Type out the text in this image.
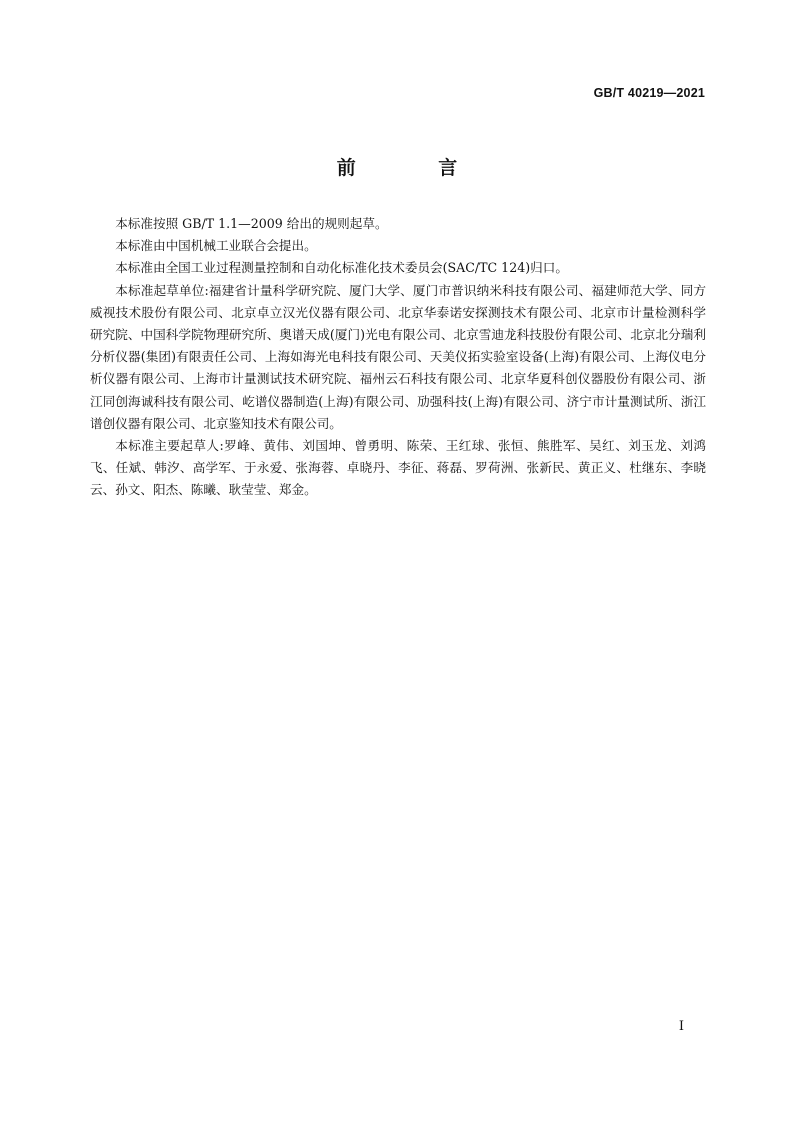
GB/T 40219—2021
前 言

本标准按照 GB/T 1.1—2009 给出的规则起草。

本标准由中国机械工业联合会提出。

本标准由全国工业过程测量控制和自动化标准化技术委员会(SAC/TC 124)归口。

本标准起草单位:福建省计量科学研究院、厦门大学、厦门市普识纳米科技有限公司、福建师范大学、同方威视技术股份有限公司、北京卓立汉光仪器有限公司、北京华泰诺安探测技术有限公司、北京市计量检测科学研究院、中国科学院物理研究所、奥谱天成(厦门)光电有限公司、北京雪迪龙科技股份有限公司、北京北分瑞利分析仪器(集团)有限责任公司、上海如海光电科技有限公司、天美仪拓实验室设备(上海)有限公司、上海仪电分析仪器有限公司、上海市计量测试技术研究院、福州云石科技有限公司、北京华夏科创仪器股份有限公司、浙江同创海诚科技有限公司、屹谱仪器制造(上海)有限公司、劢强科技(上海)有限公司、济宁市计量测试所、浙江谱创仪器有限公司、北京鉴知技术有限公司。

本标准主要起草人:罗峰、黄伟、刘国坤、曾勇明、陈荣、王红球、张恒、熊胜军、吴红、刘玉龙、刘鸿飞、任斌、韩汐、高学军、于永爱、张海蓉、卓晓丹、李征、蒋磊、罗荷洲、张新民、黄正义、杜继东、李晓云、孙文、阳杰、陈曦、耿莹莹、郑金。

I
